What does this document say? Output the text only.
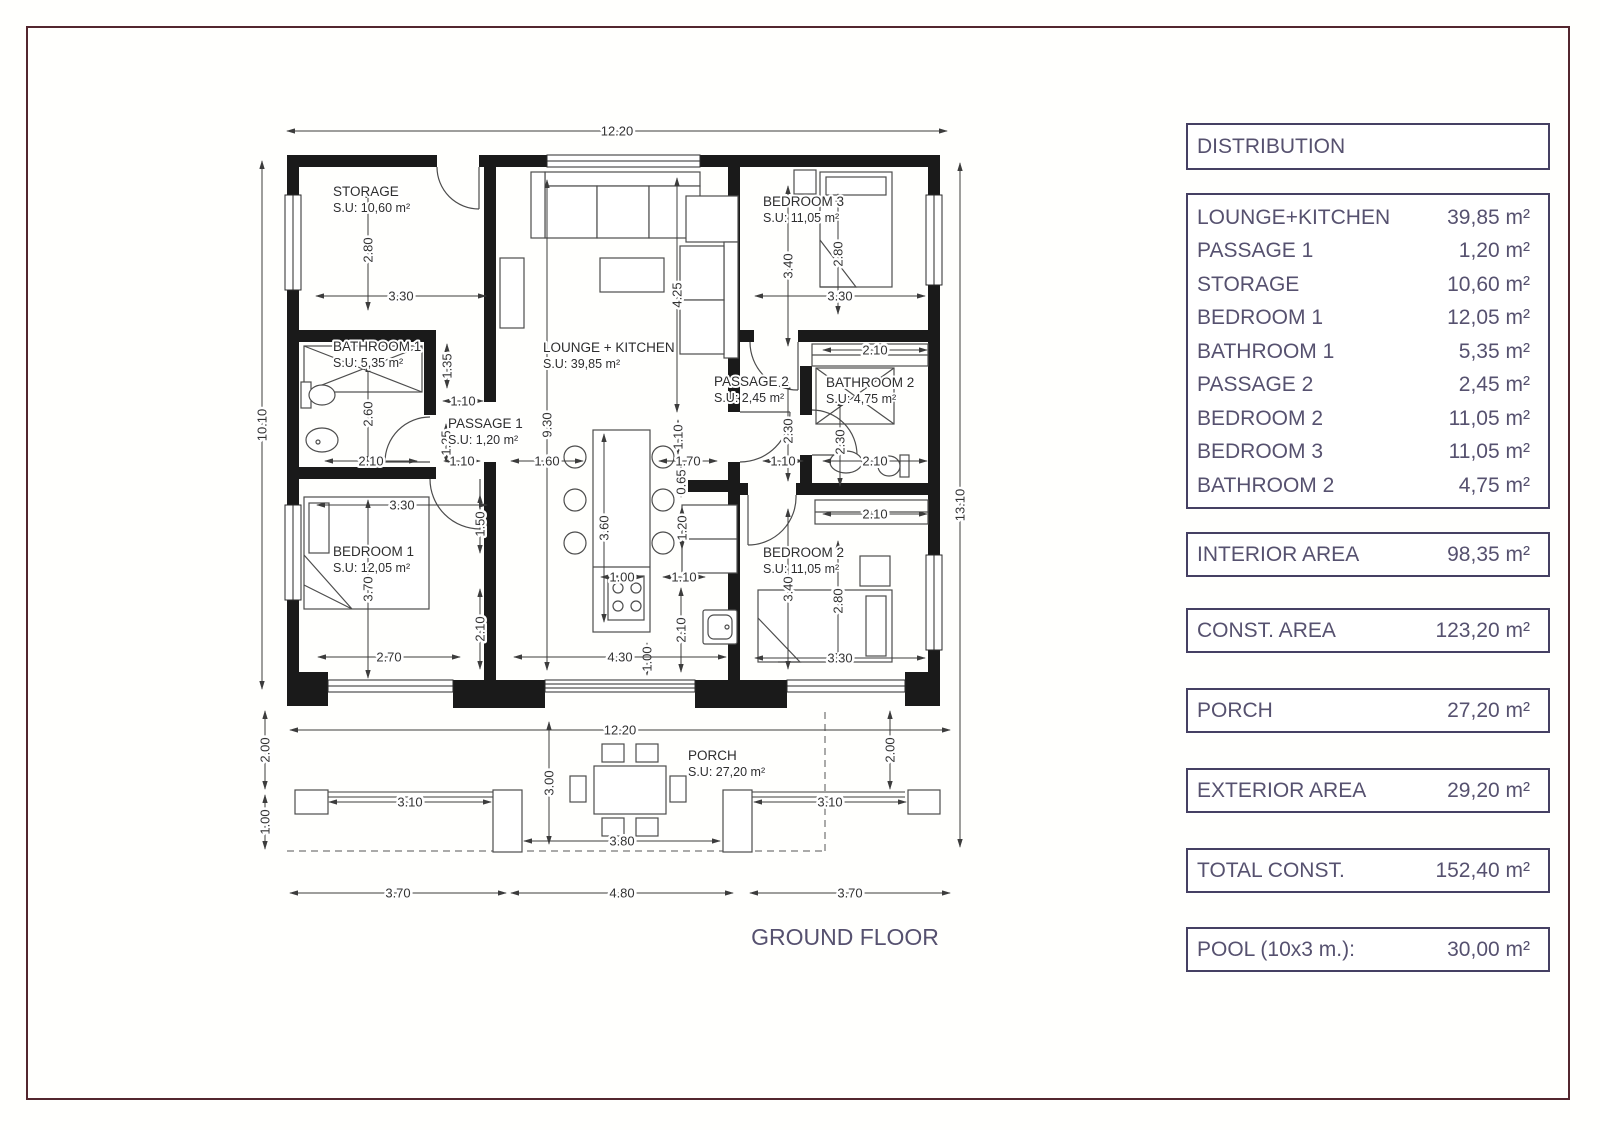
12.20
10.10
13.10
2.80
3.30
1.35
2.60
1.10
1.25
2.10	1.10
9.30
4.25
1.60	1.70
1.10
0.65
1.20
3.60
1.00	1.10
2.10
1.00
4.30
3.30
1.50
3.70
2.10
2.70
3.40	2.80
3.30
2.10
2.30	2.30
1.10	2.10
2.10
3.40	2.80
3.30
12.20
2.00
1.00
3.10	3.10
3.00
3.80
2.00
3.70	4.80	3.70
STORAGE
S.U: 10,60 m²
BATHROOM 1
S.U: 5,35 m²
PASSAGE 1
S.U: 1,20 m²
BEDROOM 1
S.U: 12,05 m²
LOUNGE + KITCHEN
S.U: 39,85 m²
BEDROOM 3
S.U: 11,05 m²
PASSAGE 2
S.U: 2,45 m²
BATHROOM 2
S.U: 4,75 m²
BEDROOM 2
S.U: 11,05 m²
PORCH
S.U: 27,20 m²
GROUND FLOOR
DISTRIBUTION
LOUNGE+KITCHEN	39,85 m²
PASSAGE 1	1,20 m²
STORAGE	10,60 m²
BEDROOM 1	12,05 m²
BATHROOM 1	5,35 m²
PASSAGE 2	2,45 m²
BEDROOM 2	11,05 m²
BEDROOM 3	11,05 m²
BATHROOM 2	4,75 m²
INTERIOR AREA	98,35 m²
CONST. AREA	123,20 m²
PORCH	27,20 m²
EXTERIOR AREA	29,20 m²
TOTAL CONST.	152,40 m²
POOL (10x3 m.):	30,00 m²
